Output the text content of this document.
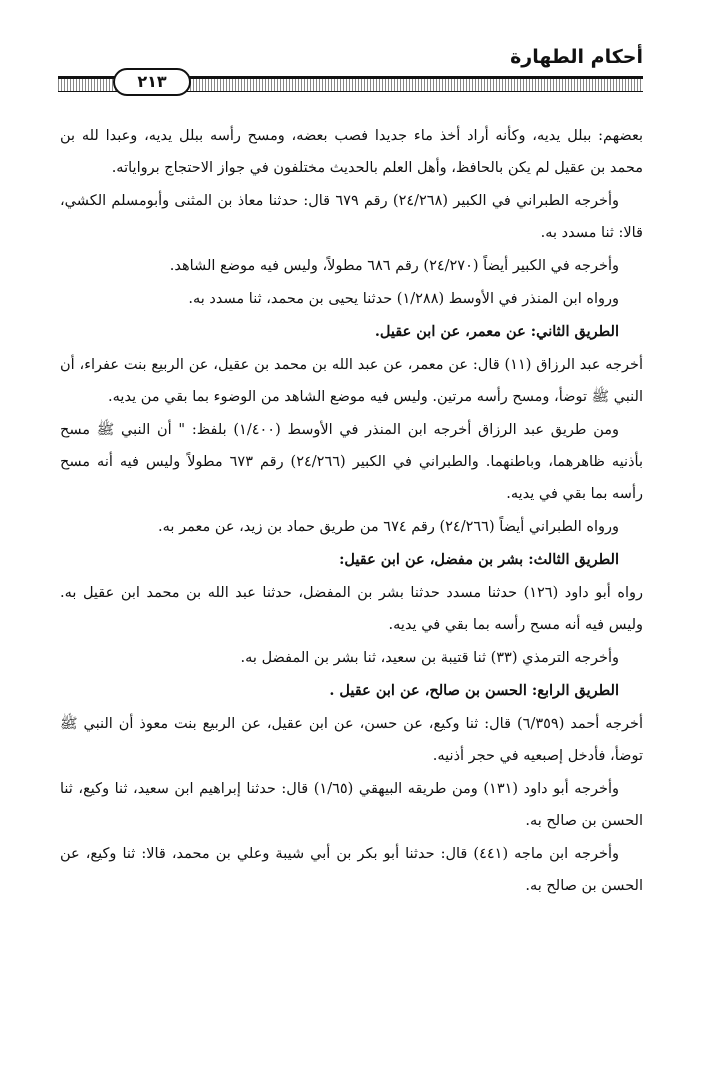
أحكام الطهارة
٢١٣

بعضهم: ببلل يديه، وكأنه أراد أخذ ماء جديدا فصب بعضه، ومسح رأسه ببلل يديه، وعبدا لله بن محمد بن عقيل لم يكن بالحافظ، وأهل العلم بالحديث مختلفون في جواز الاحتجاج برواياته.

وأخرجه الطبراني في الكبير (٢٤/٢٦٨) رقم ٦٧٩ قال: حدثنا معاذ بن المثنى وأبومسلم الكشي، قالا: ثنا مسدد به.

وأخرجه في الكبير أيضاً (٢٤/٢٧٠) رقم ٦٨٦ مطولاً، وليس فيه موضع الشاهد.

ورواه ابن المنذر في الأوسط (١/٢٨٨) حدثنا يحيى بن محمد، ثنا مسدد به.

الطريق الثاني: عن معمر، عن ابن عقيل.

أخرجه عبد الرزاق (١١) قال: عن معمر، عن عبد الله بن محمد بن عقيل، عن الربيع بنت عفراء، أن النبي ﷺ توضأ، ومسح رأسه مرتين. وليس فيه موضع الشاهد من الوضوء بما بقي من يديه.

ومن طريق عبد الرزاق أخرجه ابن المنذر في الأوسط (١/٤٠٠) بلفظ: " أن النبي ﷺ مسح بأذنيه ظاهرهما، وباطنهما. والطبراني في الكبير (٢٤/٢٦٦) رقم ٦٧٣ مطولاً وليس فيه أنه مسح رأسه بما بقي في يديه.

ورواه الطبراني أيضاً (٢٤/٢٦٦) رقم ٦٧٤ من طريق حماد بن زيد، عن معمر به.

الطريق الثالث: بشر بن مفضل، عن ابن عقيل:

رواه أبو داود (١٢٦) حدثنا مسدد حدثنا بشر بن المفضل، حدثنا عبد الله بن محمد ابن عقيل به. وليس فيه أنه مسح رأسه بما بقي في يديه.

وأخرجه الترمذي (٣٣) ثنا قتيبة بن سعيد، ثنا بشر بن المفضل به.

الطريق الرابع: الحسن بن صالح، عن ابن عقيل .

أخرجه أحمد (٦/٣٥٩) قال: ثنا وكيع، عن حسن، عن ابن عقيل، عن الربيع بنت معوذ أن النبي ﷺ توضأ، فأدخل إصبعيه في حجر أذنيه.

وأخرجه أبو داود (١٣١) ومن طريقه البيهقي (١/٦٥) قال: حدثنا إبراهيم ابن سعيد، ثنا وكيع، ثنا الحسن بن صالح به.

وأخرجه ابن ماجه (٤٤١) قال: حدثنا أبو بكر بن أبي شيبة وعلي بن محمد، قالا: ثنا وكيع، عن الحسن بن صالح به.
